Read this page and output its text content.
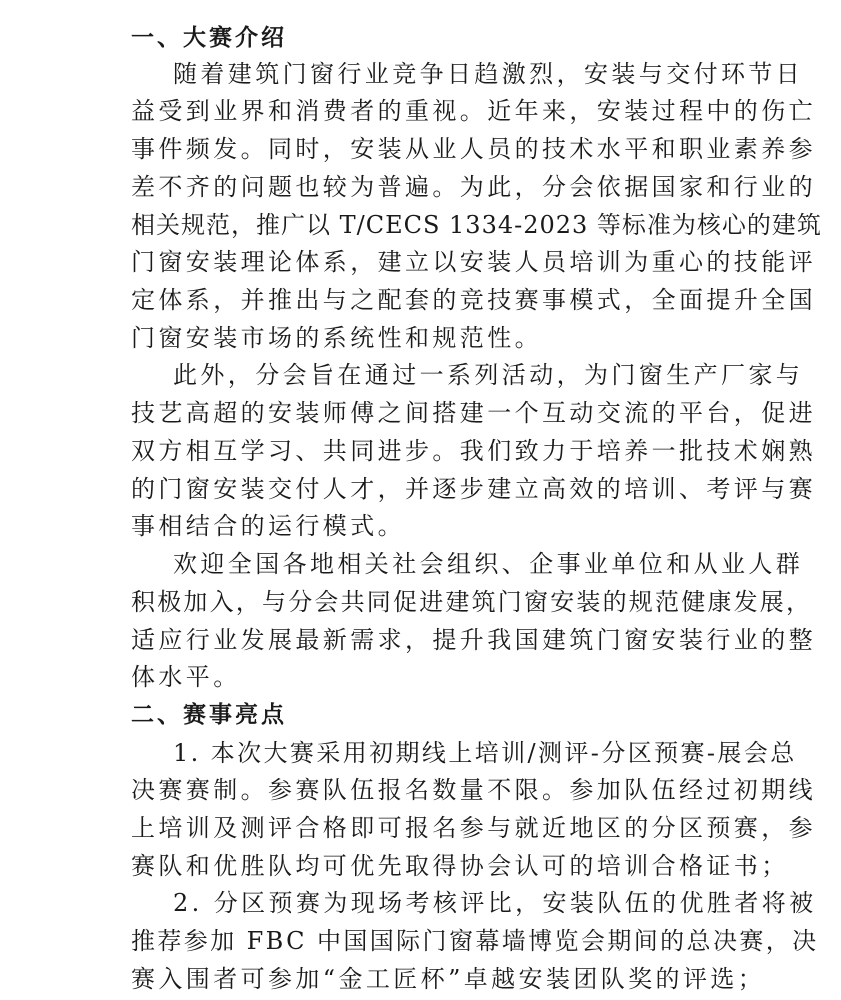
一、大赛介绍
随着建筑门窗行业竞争日趋激烈，安装与交付环节日
益受到业界和消费者的重视。近年来，安装过程中的伤亡
事件频发。同时，安装从业人员的技术水平和职业素养参
差不齐的问题也较为普遍。为此，分会依据国家和行业的
相关规范，推广以 T/CECS 1334-2023 等标准为核心的建筑
门窗安装理论体系，建立以安装人员培训为重心的技能评
定体系，并推出与之配套的竞技赛事模式，全面提升全国
门窗安装市场的系统性和规范性。
此外，分会旨在通过一系列活动，为门窗生产厂家与
技艺高超的安装师傅之间搭建一个互动交流的平台，促进
双方相互学习、共同进步。我们致力于培养一批技术娴熟
的门窗安装交付人才，并逐步建立高效的培训、考评与赛
事相结合的运行模式。
欢迎全国各地相关社会组织、企事业单位和从业人群
积极加入，与分会共同促进建筑门窗安装的规范健康发展，
适应行业发展最新需求，提升我国建筑门窗安装行业的整
体水平。
二、赛事亮点
1. 本次大赛采用初期线上培训/测评-分区预赛-展会总
决赛赛制。参赛队伍报名数量不限。参加队伍经过初期线
上培训及测评合格即可报名参与就近地区的分区预赛，参
赛队和优胜队均可优先取得协会认可的培训合格证书；
2. 分区预赛为现场考核评比，安装队伍的优胜者将被
推荐参加 FBC 中国国际门窗幕墙博览会期间的总决赛，决
赛入围者可参加“金工匠杯”卓越安装团队奖的评选；
